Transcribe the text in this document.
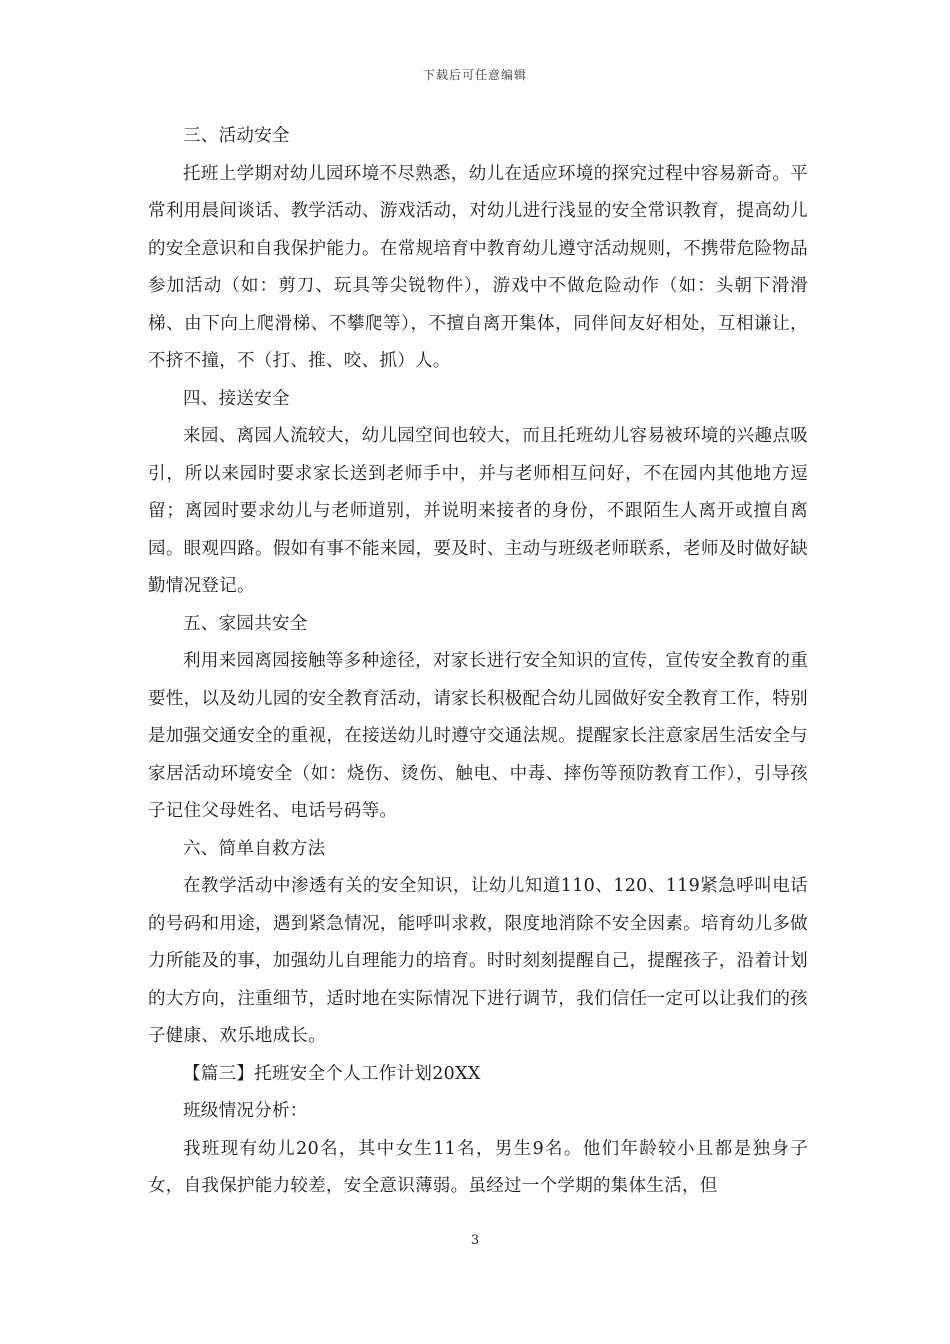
下载后可任意编辑

三、活动安全

托班上学期对幼儿园环境不尽熟悉，幼儿在适应环境的探究过程中容易新奇。平常利用晨间谈话、教学活动、游戏活动，对幼儿进行浅显的安全常识教育，提高幼儿的安全意识和自我保护能力。在常规培育中教育幼儿遵守活动规则，不携带危险物品参加活动（如：剪刀、玩具等尖锐物件），游戏中不做危险动作（如：头朝下滑滑梯、由下向上爬滑梯、不攀爬等），不擅自离开集体，同伴间友好相处，互相谦让，不挤不撞，不（打、推、咬、抓）人。

四、接送安全

来园、离园人流较大，幼儿园空间也较大，而且托班幼儿容易被环境的兴趣点吸引，所以来园时要求家长送到老师手中，并与老师相互问好，不在园内其他地方逗留；离园时要求幼儿与老师道别，并说明来接者的身份，不跟陌生人离开或擅自离园。眼观四路。假如有事不能来园，要及时、主动与班级老师联系，老师及时做好缺勤情况登记。

五、家园共安全

利用来园离园接触等多种途径，对家长进行安全知识的宣传，宣传安全教育的重要性，以及幼儿园的安全教育活动，请家长积极配合幼儿园做好安全教育工作，特别是加强交通安全的重视，在接送幼儿时遵守交通法规。提醒家长注意家居生活安全与家居活动环境安全（如：烧伤、烫伤、触电、中毒、摔伤等预防教育工作），引导孩子记住父母姓名、电话号码等。

六、简单自救方法

在教学活动中渗透有关的安全知识，让幼儿知道110、120、119紧急呼叫电话的号码和用途，遇到紧急情况，能呼叫求救，限度地消除不安全因素。培育幼儿多做力所能及的事，加强幼儿自理能力的培育。时时刻刻提醒自己，提醒孩子，沿着计划的大方向，注重细节，适时地在实际情况下进行调节，我们信任一定可以让我们的孩子健康、欢乐地成长。

【篇三】托班安全个人工作计划20XX

班级情况分析：

我班现有幼儿20名，其中女生11名，男生9名。他们年龄较小且都是独身子女，自我保护能力较差，安全意识薄弱。虽经过一个学期的集体生活，但

3
